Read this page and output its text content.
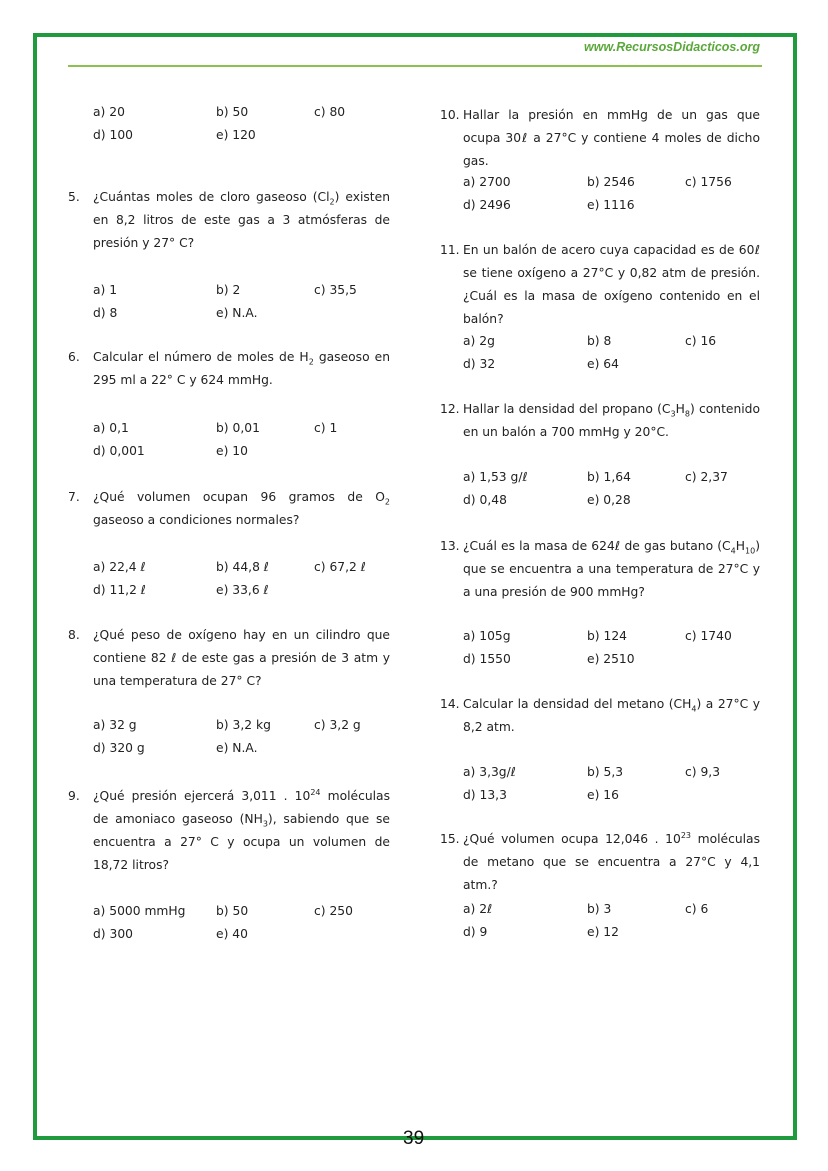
www.RecursosDidacticos.org
a) 20	b) 50	c) 80
d) 100	e) 120
5. ¿Cuántas moles de cloro gaseoso $(Cl_2)$ existen en 8,2 litros de este gas a 3 atmósferas de presión y 27° C?
a) 1	b) 2	c) 35,5
d) 8	e) N.A.
6. Calcular el número de moles de $H_2$ gaseoso en 295 ml a 22° C y 624 mmHg.
a) 0,1	b) 0,01	c) 1
d) 0,001	e) 10
7. ¿Qué volumen ocupan 96 gramos de $O_2$ gaseoso a condiciones normales?
a) 22,4 ℓ	b) 44,8 ℓ	c) 67,2 ℓ
d) 11,2 ℓ	e) 33,6 ℓ
8. ¿Qué peso de oxígeno hay en un cilindro que contiene 82 ℓ de este gas a presión de 3 atm y una temperatura de 27° C?
a) 32 g	b) 3,2 kg	c) 3,2 g
d) 320 g	e) N.A.
9. ¿Qué presión ejercerá 3,011 . $10^{24}$ moléculas de amoniaco gaseoso $(NH_3)$, sabiendo que se encuentra a 27° C y ocupa un volumen de 18,72 litros?
a) 5000 mmHg b) 50	c) 250
d) 300	e) 40
10. Hallar la presión en mmHg de un gas que ocupa 30ℓ a 27°C y contiene 4 moles de dicho gas.
a) 2700	b) 2546	c) 1756
d) 2496	e) 1116
11. En un balón de acero cuya capacidad es de 60ℓ se tiene oxígeno a 27°C y 0,82 atm de presión. ¿Cuál es la masa de oxígeno contenido en el balón?
a) 2g	b) 8	c) 16
d) 32	e) 64
12. Hallar la densidad del propano $(C_3H_8)$ contenido en un balón a 700 mmHg y 20°C.
a) 1,53 g/ℓ	b) 1,64	c) 2,37
d) 0,48	e) 0,28
13. ¿Cuál es la masa de 624ℓ de gas butano $(C_4H_{10})$ que se encuentra a una temperatura de 27°C y a una presión de 900 mmHg?
a) 105g	b) 124	c) 1740
d) 1550	e) 2510
14. Calcular la densidad del metano $(CH_4)$ a 27°C y 8,2 atm.
a) 3,3g/ℓ	b) 5,3	c) 9,3
d) 13,3	e) 16
15. ¿Qué volumen ocupa 12,046 . $10^{23}$ moléculas de metano que se encuentra a 27°C y 4,1 atm.?
a) 2ℓ	b) 3	c) 6
d) 9	e) 12
39
